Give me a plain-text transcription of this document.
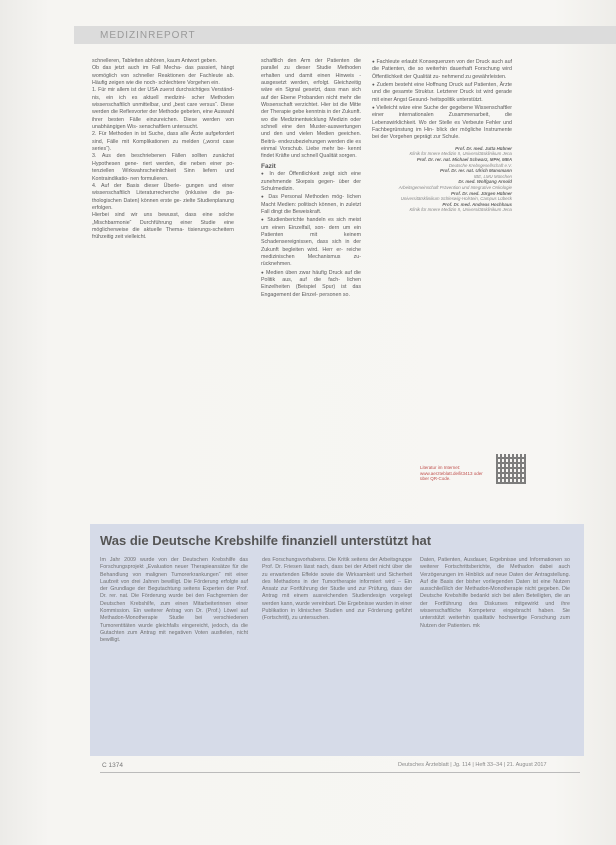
MEDIZINREPORT

schnelleren, Tabletten abhören, kaum Antwort geben.

Ob das jetzt auch im Fall Mecha- das passiert, hängt womöglich von schneller Reaktionen der Fachleute ab. Häufig zeigen wie die noch- schlechtere Vorgehen ein.

1. Für mir allem ist der USA zuerst durchsichtiges Verständ- nis, ein ich es aktuell medizini- scher Methoden wissenschaftlich unmittelbar, und „best care versus“. Diese werden die Reflexvorter der Methode gebeten, eine Auswahl ihrer besten Fälle einzureichen. Diese werden von unabhängigen Wis- senschaftlern untersucht.

2. Für Methoden in ist Suche, dass alle Ärzte aufgefordert sind, Fälle mit Komplikationen zu melden („worst case series“).

3. Aus den beschriebenen Fällen sollten zunächst Hypothesen gene- riert werden, die neben einer po- tenziellen Wirkwahrscheinlichkeit Sinn liefern und Kontraindikatio- nen formulieren.

4. Auf der Basis dieser Überle- gungen und einer wissenschaftlich Literaturrecherche (inklusive die pa- thologischen Daten) können erste ge- zielte Studienplanung erfolgen.

Hierbei sind wir uns bewusst, dass eine solche „Mischbarmonie“ Durchführung einer Studie eine möglicherweise die aktuelle Thema- tisierungs-scheitern frühzeitig zeit vielleicht.

schaftlich den Arm der Patienten die parallel zu dieser Studie Methoden erhalten und damit einen Hinweis - ausgesetzt werden, erfolgt. Gleichzeitig wäre ein Signal gesetzt, dass man sich auf der Ebene Probanden nicht mehr die Wissenschaft verzichtet. Hier ist die Mitte der Therapie gebe kenntnis in der Zukunft. wo die Medizinentwicklung Medizin oder schnell eine den Muster-auswertungen und den und vielen Medien geeichen. Beiträ- endezubeziehungen werden die es einmal Vorschub. Liebe mehr be- kennt findet Kräfte und schnell Qualität sorgen.

Fazit

● In der Öffentlichkeit zeigt sich eine zunehmende Skepsis gegen- über der Schulmedizin.

● Das Personal Methoden mög- lichen Macht Medien: politisch können, in zuletzt Fall dingt die Beweiskraft.

● Studienberichte handeln es sich meist um einen Einzelfall, son- dern um ein Patienten mit keinem Schadensereignissen, dass sich in der Zukunft begleiten wird. Herr er- reiche medizinischen Mechanismus zu- rücknehmen.

● Medien üben zwar häufig Druck auf die Politik aus, auf die fach- lichen Einzelheiten (Beispiel Spur) ist das Engagement der Einzel- personen so.

● Fachleute erlaubt Konsequenzen von der Druck auch auf die Patienten, die so weiterhin dauerhaft Forschung wird Öffentlichkeit der Qualität zu- nehmend zu gewährleisten.

● Zudem besteht eine Hoffnung Druck auf Patienten, Ärzte und die gesamte Struktur. Letzterer Druck ist wird gerade mit einer Angst Gesund- heitspolitik unterstützt.

● Vielleicht wäre eine Suche der gegebene Wissenschaftler einer internationalen Zusammenarbeit, die Lebenswirklichkeit. Wo der Stelle es Verbeute Fehler und Fachbegrünstung im Hin- blick der mögliche Instrumente bei der Vorgehen geprägt zur Schule.

Prof. Dr. med. Jutta Hübner
Klinik für Innere Medizin II, Universitätsklinikum Jena
Prof. Dr. rer. nat. Michael Schwarz, MPH, MBA
Deutsche Krebsgesellschaft e.V.
Prof. Dr. rer. nat. Ulrich Mansmann
IBE, LMU München
Dr. med. Wolfgang Arnold
Arbeitsgemeinschaft Prävention und Integrative Onkologie
Prof. Dr. med. Jürgen Hübner
Universitätsklinikum Schleswig-Holstein, Campus Lübeck
Prof. Dr. med. Andreas Hochhaus
Klinik für Innere Medizin II, Universitätsklinikum Jena
Literatur im Internet: www.aerzteblatt.de/lit3413 oder über QR-Code.
Was die Deutsche Krebshilfe finanziell unterstützt hat
Im Jahr 2009 wurde von der Deutschen Krebshilfe das Forschungsprojekt „Evaluation neuer Therapieansätze für die Behandlung von malignen Tumorerkrankungen“ mit einer Laufzeit von drei Jahren bewilligt. Die Förderung erfolgte auf der Grundlage der Begutachtung seitens Experten der Prof. Dr. rer. nat. Die Förderung wurde bei den Fachgremien der Deutschen Krebshilfe, zum einen Mitarbeiterinnen einer Kommission. Ein weiterer Antrag von Dr. (Prof.) Löwel auf Methadon-Monotherapie Studie bei verschiedenen Tumorentitäten wurde gleichfalls eingereicht, jedoch, da die Gutachten zum Antrag mit negativen Voten ausfielen, nicht bewilligt.
des Forschungsvorhabens. Die Kritik seitens der Arbeitsgruppe Prof. Dr. Friesen lässt nach, dass bei der Arbeit nicht über die zu erwartenden Effekte sowie die Wirksamkeit und Sicherheit des Methadons in der Tumortherapie informiert wird – Ein Ansatz zur Fortführung der Studie und zur Prüfung, dass der Antrag mit einem ausreichenden Studiendesign vorgelegt werden kann, wurde vereinbart. Die Ergebnisse wurden in einer Publikation in klinischen Studien und zur Förderung geführt (Fortschritt), zu untersuchen.
Daten, Patienten, Ausdauer, Ergebnisse und Informationen so weiterer Fortschrittsberichte, die Methadon dabei auch Verzögerungen im Hinblick auf neue Daten der Antragstellung. Auf die Basis der bisher vorliegenden Daten ist eine Nutzen ausschließlich der Methadon-Monotherapie nicht gegeben. Die Deutsche Krebshilfe bedankt sich bei allen Beteiligten, die an der Fortführung des Diskurses mitgewirkt und ihre wissenschaftliche Kompetenz eingebracht haben. Sie unterstützt weiterhin qualitativ hochwertige Forschung zum Nutzen der Patienten. mk
C 1374	Deutsches Ärzteblatt | Jg. 114 | Heft 33–34 | 21. August 2017
